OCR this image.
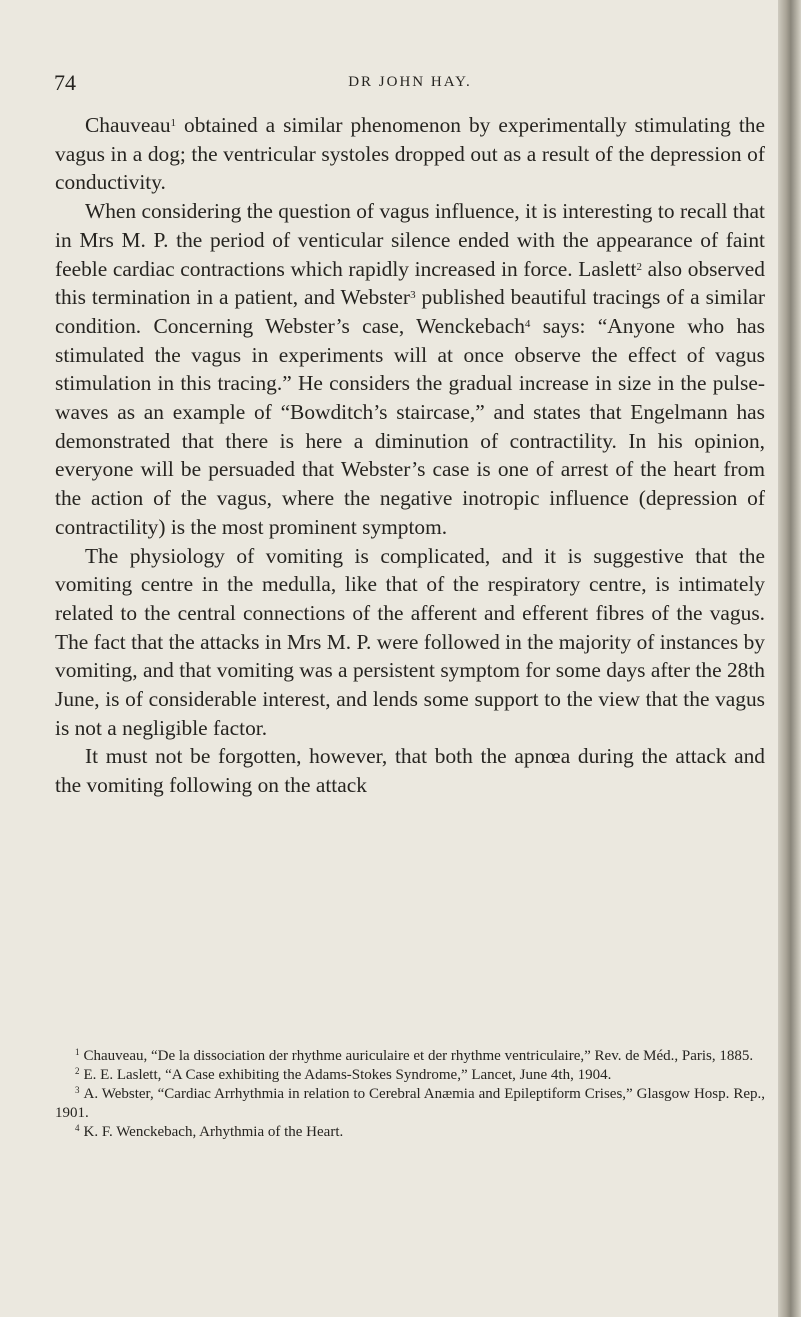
74	DR JOHN HAY.

Chauveau$^1$ obtained a similar phenomenon by experimentally stimulating the vagus in a dog; the ventricular systoles dropped out as a result of the depression of conductivity.

When considering the question of vagus influence, it is interesting to recall that in Mrs M. P. the period of venticular silence ended with the appearance of faint feeble cardiac contractions which rapidly increased in force. Laslett$^2$ also observed this termination in a patient, and Webster$^3$ published beautiful tracings of a similar condition. Concerning Webster’s case, Wenckebach$^4$ says: “Anyone who has stimulated the vagus in experiments will at once observe the effect of vagus stimulation in this tracing.” He considers the gradual increase in size in the pulse-waves as an example of “Bowditch’s staircase,” and states that Engelmann has demonstrated that there is here a diminution of contractility. In his opinion, everyone will be persuaded that Webster’s case is one of arrest of the heart from the action of the vagus, where the negative inotropic influence (depression of contractility) is the most prominent symptom.

The physiology of vomiting is complicated, and it is suggestive that the vomiting centre in the medulla, like that of the respiratory centre, is intimately related to the central connections of the afferent and efferent fibres of the vagus. The fact that the attacks in Mrs M. P. were followed in the majority of instances by vomiting, and that vomiting was a persistent symptom for some days after the 28th June, is of considerable interest, and lends some support to the view that the vagus is not a negligible factor.

It must not be forgotten, however, that both the apnœa during the attack and the vomiting following on the attack

$^1$ Chauveau, “De la dissociation der rhythme auriculaire et der rhythme ventriculaire,” Rev. de Méd., Paris, 1885.

$^2$ E. E. Laslett, “A Case exhibiting the Adams-Stokes Syndrome,” Lancet, June 4th, 1904.

$^3$ A. Webster, “Cardiac Arrhythmia in relation to Cerebral Anæmia and Epileptiform Crises,” Glasgow Hosp. Rep., 1901.

$^4$ K. F. Wenckebach, Arhythmia of the Heart.
